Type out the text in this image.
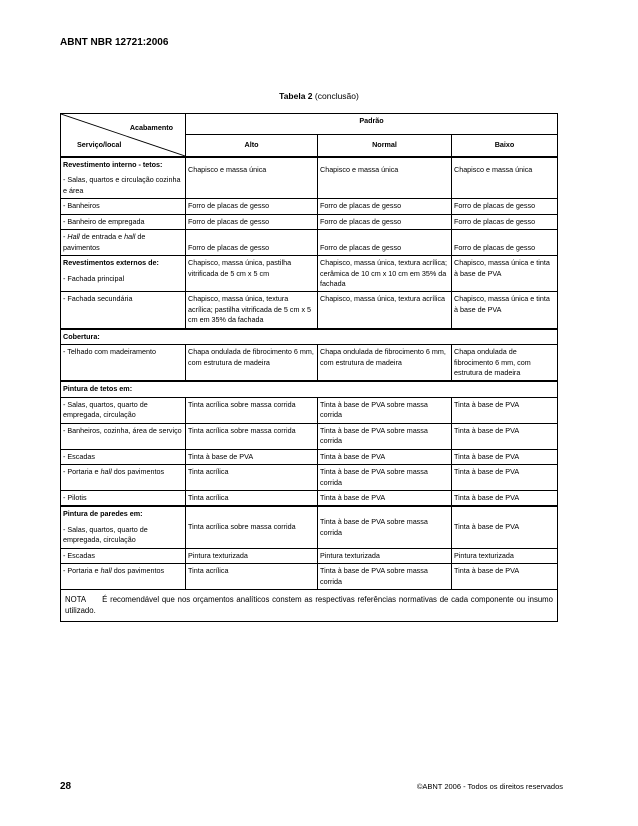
ABNT NBR 12721:2006
Tabela 2 (conclusão)
Acabamento
Serviço/local	Padrão		
	Alto	Normal	Baixo
Revestimento interno - tetos:
- Salas, quartos e circulação cozinha e área	Chapisco e massa única	Chapisco e massa única	Chapisco e massa única

- Banheiros	Forro de placas de gesso	Forro de placas de gesso	Forro de placas de gesso
- Banheiro de empregada	Forro de placas de gesso	Forro de placas de gesso	Forro de placas de gesso
- Hall de entrada e hall de pavimentos	Forro de placas de gesso	Forro de placas de gesso	Forro de placas de gesso
Revestimentos externos de:
- Fachada principal	Chapisco, massa única, pastilha vitrificada de 5 cm x 5 cm	Chapisco, massa única, textura acrílica; cerâmica de 10 cm x 10 cm em 35% da fachada	Chapisco, massa única e tinta à base de PVA
- Fachada secundária	Chapisco, massa única, textura acrílica; pastilha vitrificada de 5 cm x 5 cm em 35% da fachada	Chapisco, massa única, textura acrílica	Chapisco, massa única e tinta à base de PVA
Cobertura:			
- Telhado com madeiramento	Chapa ondulada de fibrocimento 6 mm, com estrutura de madeira	Chapa ondulada de fibrocimento 6 mm, com estrutura de madeira	Chapa ondulada de fibrocimento 6 mm, com estrutura de madeira
Pintura de tetos em:			
- Salas, quartos, quarto de empregada, circulação	Tinta acrílica sobre massa corrida	Tinta à base de PVA sobre massa corrida	Tinta à base de PVA
- Banheiros, cozinha, área de serviço	Tinta acrílica sobre massa corrida	Tinta à base de PVA sobre massa corrida	Tinta à base de PVA
- Escadas	Tinta à base de PVA	Tinta à base de PVA	Tinta à base de PVA
- Portaria e hall dos pavimentos	Tinta acrílica	Tinta à base de PVA sobre massa corrida	Tinta à base de PVA
- Pilotis	Tinta acrílica	Tinta à base de PVA	Tinta à base de PVA
Pintura de paredes em:
- Salas, quartos, quarto de empregada, circulação	Tinta acrílica sobre massa corrida	Tinta à base de PVA sobre massa corrida	Tinta à base de PVA
- Escadas	Pintura texturizada	Pintura texturizada	Pintura texturizada
- Portaria e hall dos pavimentos	Tinta acrílica	Tinta à base de PVA sobre massa corrida	Tinta à base de PVA
NOTA      É recomendável que nos orçamentos analíticos constem as respectivas referências normativas de cada componente ou insumo utilizado.			
28	©ABNT 2006 - Todos os direitos reservados
